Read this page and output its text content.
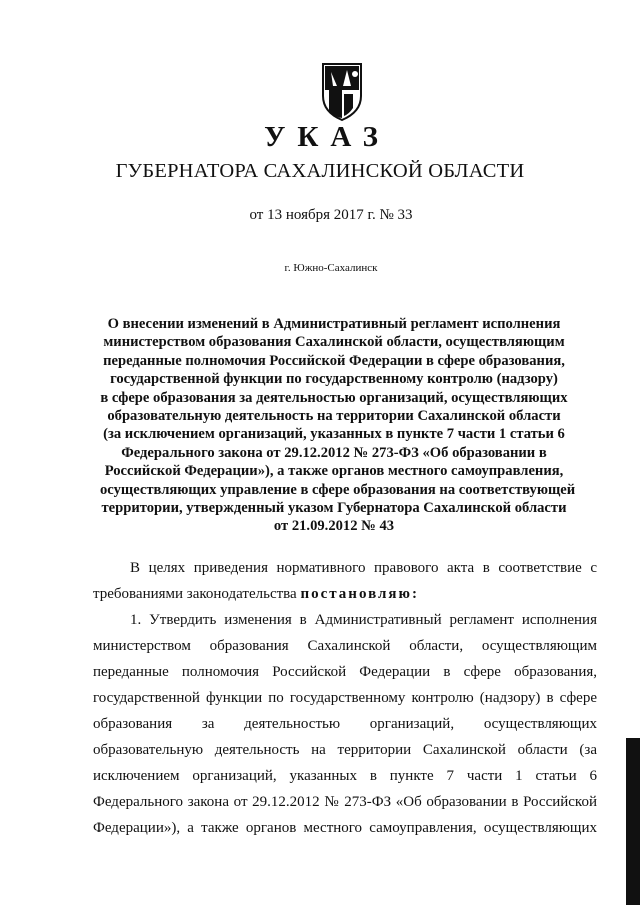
УКАЗ
ГУБЕРНАТОРА САХАЛИНСКОЙ ОБЛАСТИ
от 13 ноября 2017 г. № 33
г. Южно-Сахалинск
О внесении изменений в Административный регламент исполнения
министерством образования Сахалинской области, осуществляющим
переданные полномочия Российской Федерации в сфере образования,
государственной функции по государственному контролю (надзору)
в сфере образования за деятельностью организаций, осуществляющих
образовательную деятельность на территории Сахалинской области
(за исключением организаций, указанных в пункте 7 части 1 статьи 6
Федерального закона от 29.12.2012 № 273-ФЗ «Об образовании в
Российской Федерации»), а также органов местного самоуправления,
осуществляющих управление в сфере образования на соответствующей
территории, утвержденный указом Губернатора Сахалинской области
от 21.09.2012 № 43
В целях приведения нормативного правового акта в соответствие с
требованиями законодательства постановляю:
1. Утвердить изменения в Административный регламент исполнения
министерством образования Сахалинской области, осуществляющим
переданные полномочия Российской Федерации в сфере образования,
государственной функции по государственному контролю (надзору) в сфере
образования за деятельностью организаций, осуществляющих
образовательную деятельность на территории Сахалинской области (за
исключением организаций, указанных в пункте 7 части 1 статьи 6
Федерального закона от 29.12.2012 № 273-ФЗ «Об образовании в Российской
Федерации»), а также органов местного самоуправления, осуществляющих
